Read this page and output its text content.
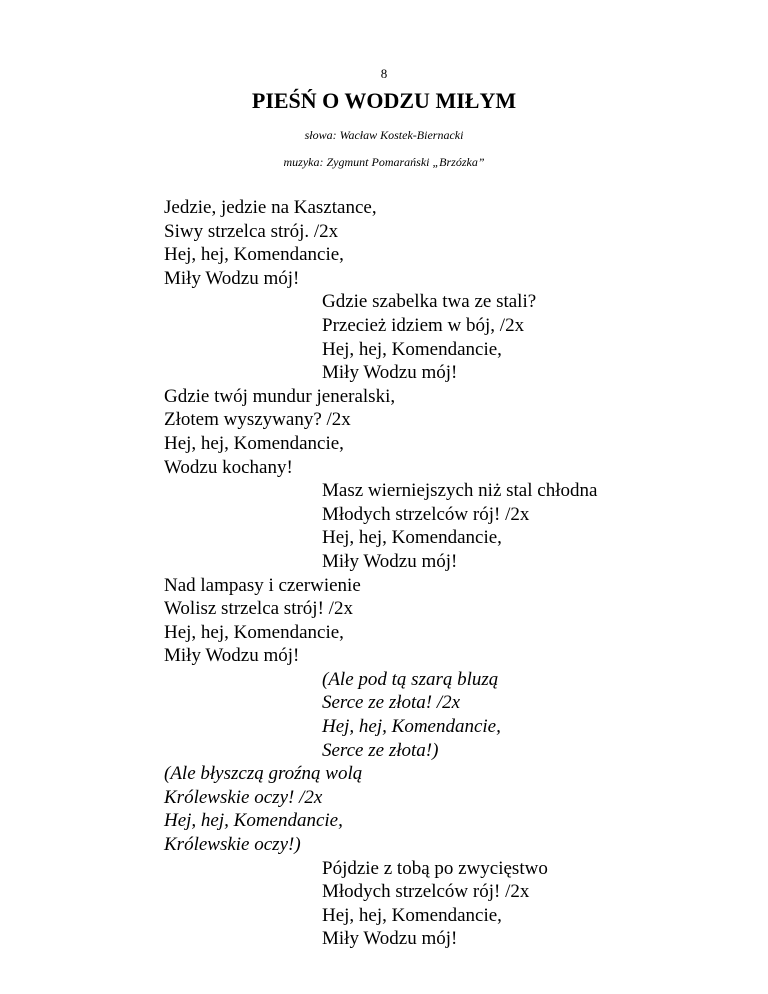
8
PIEŚŃ O WODZU MIŁYM
słowa: Wacław Kostek-Biernacki
muzyka: Zygmunt Pomarański „Brzózka”
Jedzie, jedzie na Kasztance,
Siwy strzelca strój. /2x
Hej, hej, Komendancie,
Miły Wodzu mój!
Gdzie szabelka twa ze stali?
Przecież idziem w bój, /2x
Hej, hej, Komendancie,
Miły Wodzu mój!
Gdzie twój mundur jeneralski,
Złotem wyszywany? /2x
Hej, hej, Komendancie,
Wodzu kochany!
Masz wierniejszych niż stal chłodna
Młodych strzelców rój! /2x
Hej, hej, Komendancie,
Miły Wodzu mój!
Nad lampasy i czerwienie
Wolisz strzelca strój! /2x
Hej, hej, Komendancie,
Miły Wodzu mój!
(Ale pod tą szarą bluzą
Serce ze złota! /2x
Hej, hej, Komendancie,
Serce ze złota!)
(Ale błyszczą groźną wolą
Królewskie oczy! /2x
Hej, hej, Komendancie,
Królewskie oczy!)
Pójdzie z tobą po zwycięstwo
Młodych strzelców rój! /2x
Hej, hej, Komendancie,
Miły Wodzu mój!
